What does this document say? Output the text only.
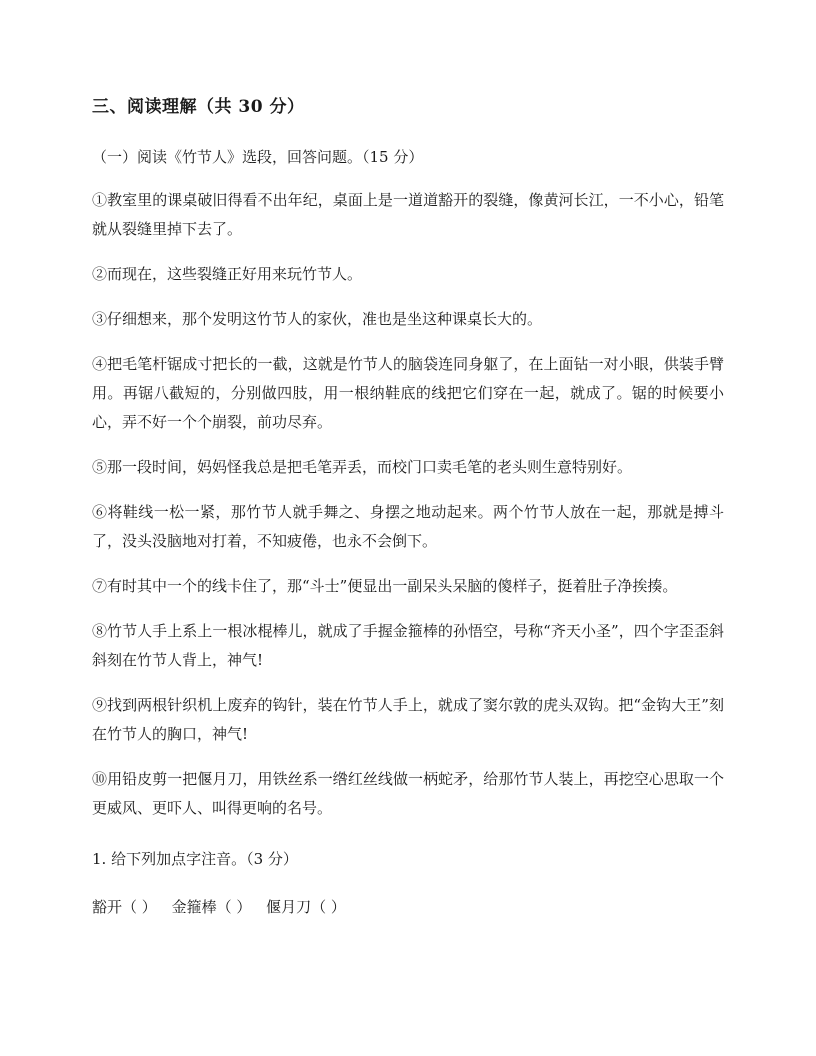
三、阅读理解（共 30 分）
（一）阅读《竹节人》选段，回答问题。（15 分）

①教室里的课桌破旧得看不出年纪，桌面上是一道道豁开的裂缝，像黄河长江，一不小心，铅笔就从裂缝里掉下去了。

②而现在，这些裂缝正好用来玩竹节人。

③仔细想来，那个发明这竹节人的家伙，准也是坐这种课桌长大的。

④把毛笔杆锯成寸把长的一截，这就是竹节人的脑袋连同身躯了，在上面钻一对小眼，供装手臂用。再锯八截短的，分别做四肢，用一根纳鞋底的线把它们穿在一起，就成了。锯的时候要小心，弄不好一个个崩裂，前功尽弃。

⑤那一段时间，妈妈怪我总是把毛笔弄丢，而校门口卖毛笔的老头则生意特别好。

⑥将鞋线一松一紧，那竹节人就手舞之、身摆之地动起来。两个竹节人放在一起，那就是搏斗了，没头没脑地对打着，不知疲倦，也永不会倒下。

⑦有时其中一个的线卡住了，那“斗士”便显出一副呆头呆脑的傻样子，挺着肚子净挨揍。

⑧竹节人手上系上一根冰棍棒儿，就成了手握金箍棒的孙悟空，号称“齐天小圣”，四个字歪歪斜斜刻在竹节人背上，神气!

⑨找到两根针织机上废弃的钩针，装在竹节人手上，就成了窦尔敦的虎头双钩。把“金钩大王”刻在竹节人的胸口，神气!

⑩用铅皮剪一把偃月刀，用铁丝系一绺红丝线做一柄蛇矛，给那竹节人装上，再挖空心思取一个更威风、更吓人、叫得更响的名号。

1. 给下列加点字注音。（3 分）
豁开（ ） 金箍棒（ ） 偃月刀（ ）
